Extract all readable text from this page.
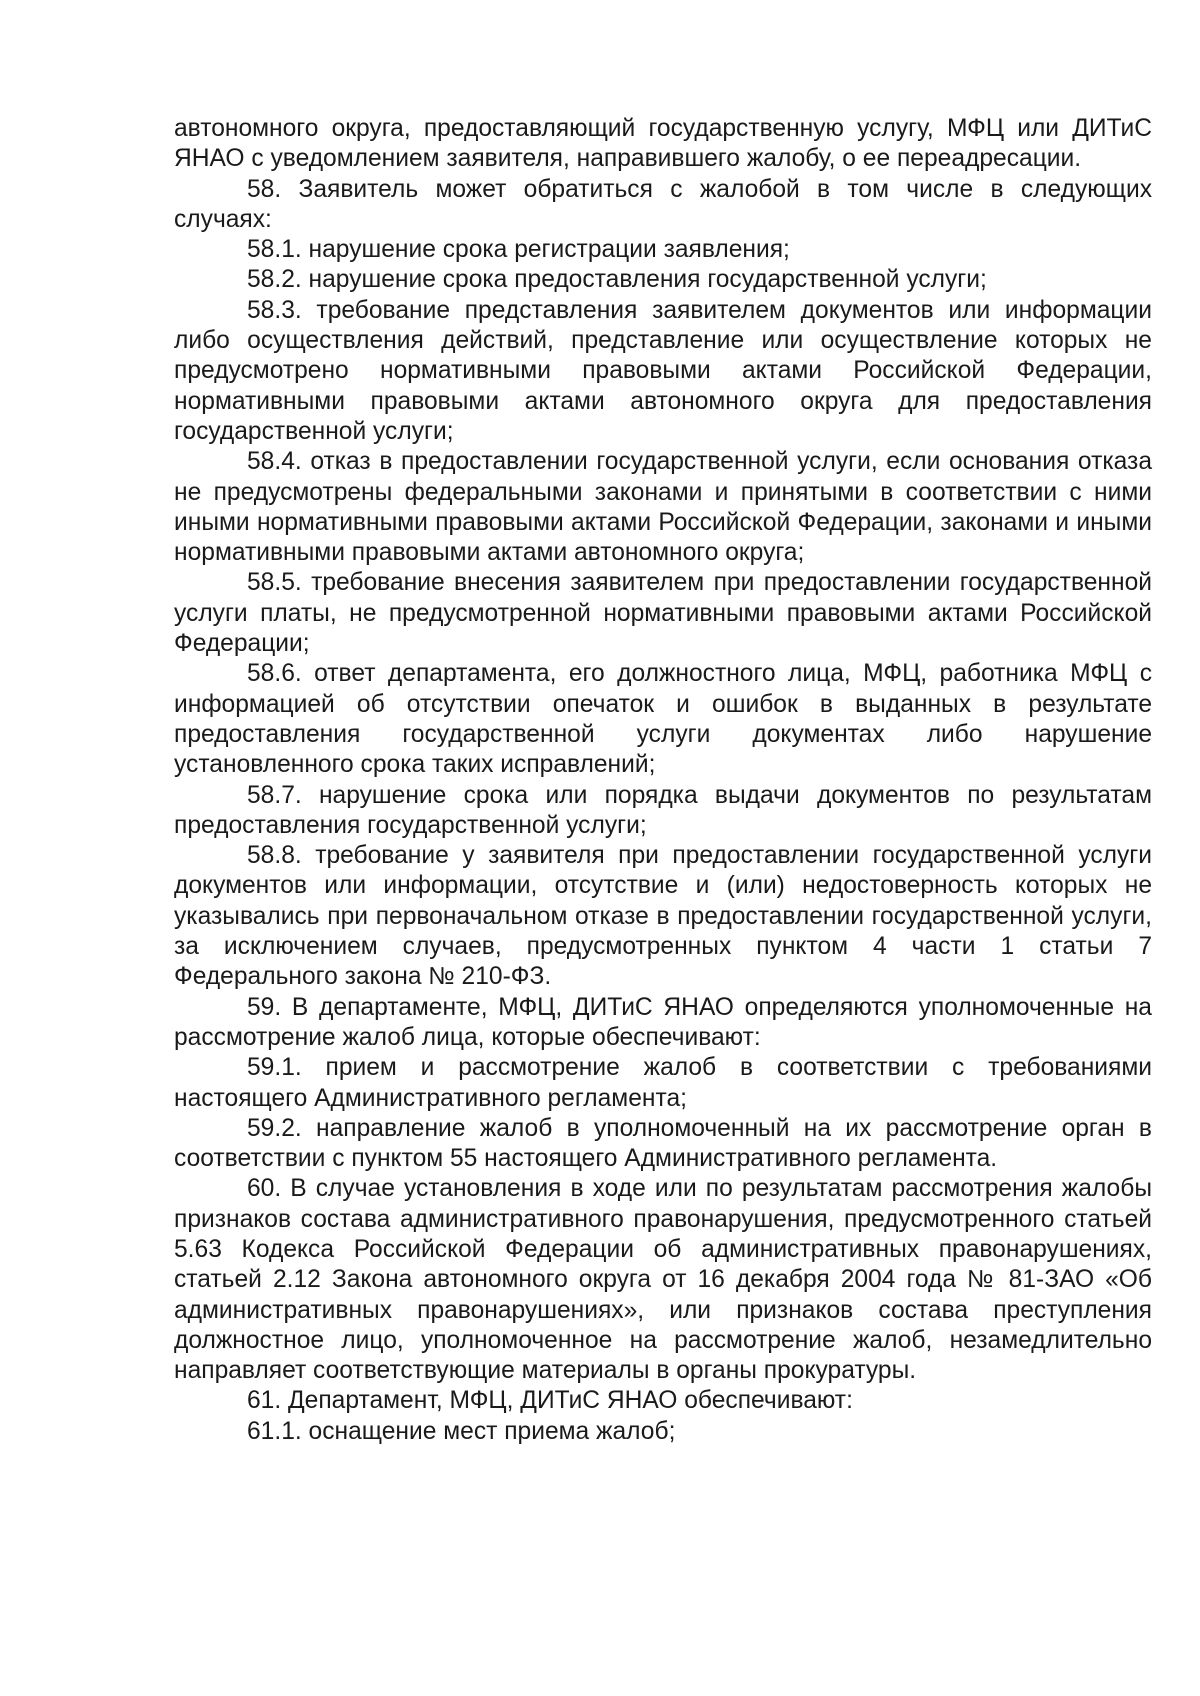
автономного округа, предоставляющий государственную услугу, МФЦ или ДИТиС ЯНАО с уведомлением заявителя, направившего жалобу, о ее переадресации.

58. Заявитель может обратиться с жалобой в том числе в следующих случаях:

58.1. нарушение срока регистрации заявления;

58.2. нарушение срока предоставления государственной услуги;

58.3. требование представления заявителем документов или информации либо осуществления действий, представление или осуществление которых не предусмотрено нормативными правовыми актами Российской Федерации, нормативными правовыми актами автономного округа для предоставления государственной услуги;

58.4. отказ в предоставлении государственной услуги, если основания отказа не предусмотрены федеральными законами и принятыми в соответствии с ними иными нормативными правовыми актами Российской Федерации, законами и иными нормативными правовыми актами автономного округа;

58.5. требование внесения заявителем при предоставлении государственной услуги платы, не предусмотренной нормативными правовыми актами Российской Федерации;

58.6. ответ департамента, его должностного лица, МФЦ, работника МФЦ с информацией об отсутствии опечаток и ошибок в выданных в результате предоставления государственной услуги документах либо нарушение установленного срока таких исправлений;

58.7. нарушение срока или порядка выдачи документов по результатам предоставления государственной услуги;

58.8. требование у заявителя при предоставлении государственной услуги документов или информации, отсутствие и (или) недостоверность которых не указывались при первоначальном отказе в предоставлении государственной услуги, за исключением случаев, предусмотренных пунктом 4 части 1 статьи 7 Федерального закона № 210-ФЗ.

59. В департаменте, МФЦ, ДИТиС ЯНАО определяются уполномоченные на рассмотрение жалоб лица, которые обеспечивают:

59.1. прием и рассмотрение жалоб в соответствии с требованиями настоящего Административного регламента;

59.2. направление жалоб в уполномоченный на их рассмотрение орган в соответствии с пунктом 55 настоящего Административного регламента.

60. В случае установления в ходе или по результатам рассмотрения жалобы признаков состава административного правонарушения, предусмотренного статьей 5.63 Кодекса Российской Федерации об административных правонарушениях, статьей 2.12 Закона автономного округа от 16 декабря 2004 года № 81-ЗАО «Об административных правонарушениях», или признаков состава преступления должностное лицо, уполномоченное на рассмотрение жалоб, незамедлительно направляет соответствующие материалы в органы прокуратуры.

61. Департамент, МФЦ, ДИТиС ЯНАО обеспечивают:

61.1. оснащение мест приема жалоб;
